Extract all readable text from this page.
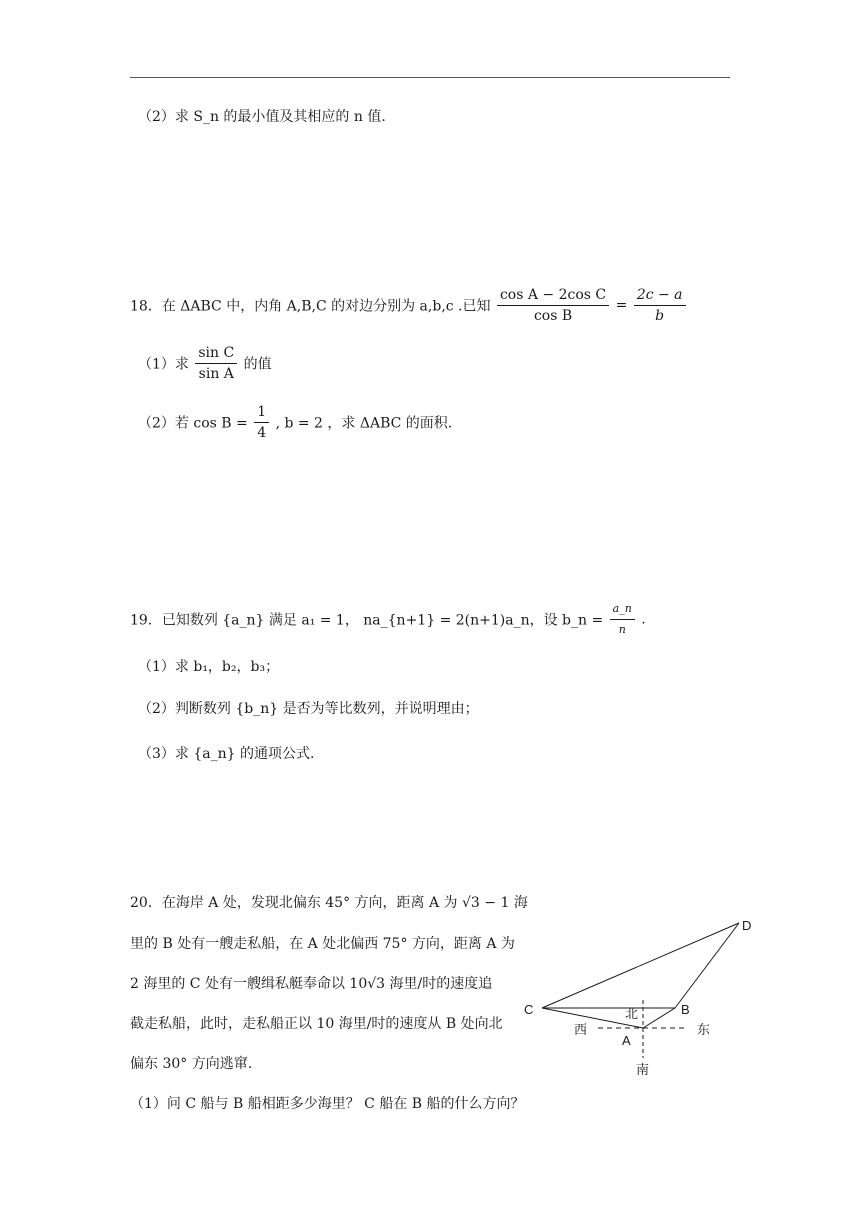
（2）求 S_n 的最小值及其相应的 n 值.
18．在 ΔABC 中，内角 A,B,C 的对边分别为 a,b,c .已知 $\frac{\text{cos A − 2cos C}}{\text{cos B}} = \frac{2c - a}{b}$
（1）求 $\frac{\text{sin C}}{\text{sin A}}$ 的值
（2）若 $\cos B = \frac{1}{4}$ , b = 2 ，求 ΔABC 的面积.
19．已知数列 {a_n} 满足 a₁ = 1， na_{n+1} = 2(n+1)a_n，设 b_n = $\frac{a\_n}{n}$ .
（1）求 b₁，b₂，b₃；
（2）判断数列 {b_n} 是否为等比数列，并说明理由；
（3）求 {a_n} 的通项公式.
20．在海岸 A 处，发现北偏东 45° 方向，距离 A 为 √3 − 1 海
里的 B 处有一艘走私船，在 A 处北偏西 75° 方向，距离 A 为
2 海里的 C 处有一艘缉私艇奉命以 10√3 海里/时的速度追
截走私船，此时，走私船正以 10 海里/时的速度从 B 处向北
偏东 30° 方向逃窜.
（1）问 C 船与 B 船相距多少海里？ C 船在 B 船的什么方向？
D
C	B
A
北
南
西	东
